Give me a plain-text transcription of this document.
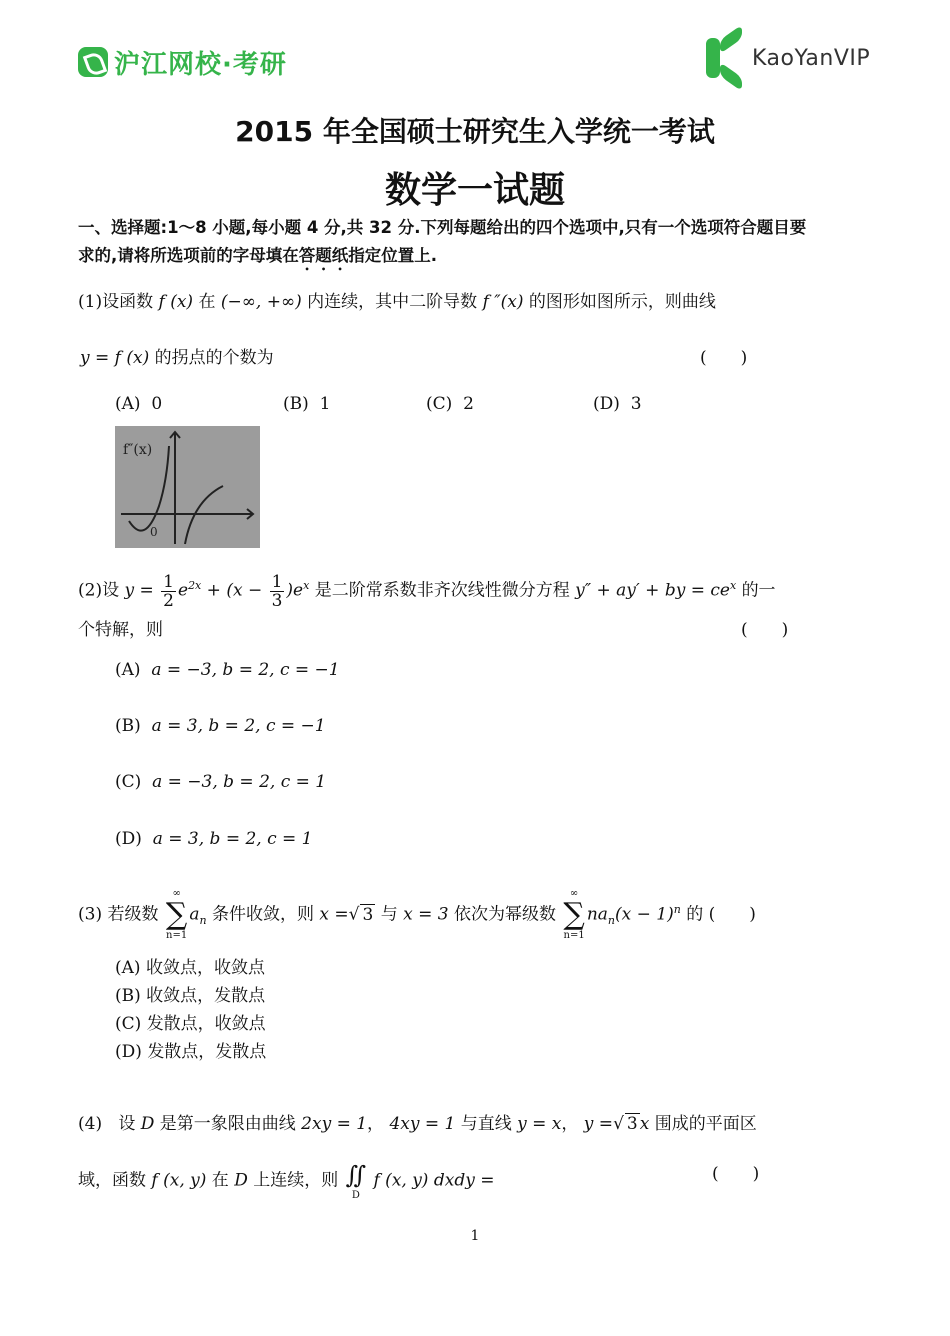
沪江网校·考研	KaoYanVIP
2015 年全国硕士研究生入学统一考试
数学一试题
一、选择题:1～8 小题,每小题 4 分,共 32 分.下列每题给出的四个选项中,只有一个选项符合题目要
求的,请将所选项前的字母填在答题纸指定位置上.
(1)设函数 f (x) 在 (−∞, +∞) 内连续，其中二阶导数 f ″(x) 的图形如图所示，则曲线
y = f (x) 的拐点的个数为	(　　)
(A) 0	(B) 1	(C) 2	(D) 3
f″(x)
0
(2)设 $y = \frac{1}{2} e^{2x} + (x - \frac{1}{3} )e^x$ 是二阶常系数非齐次线性微分方程 y″ + ay′ + by = $ce^x$ 的一
个特解，则	(　　)
(A) a = −3, b = 2, c = −1
(B) a = 3, b = 2, c = −1
(C) a = −3, b = 2, c = 1
(D) a = 3, b = 2, c = 1
(3) 若级数
∞
∑
n=1
$a_n$ 条件收敛，则 x =√ 3 与 x = 3 依次为幂级数
∞
∑
n=1
$na_n(x - 1)^n$ 的 (　　)
(A) 收敛点，收敛点
(B) 收敛点，发散点
(C) 发散点，收敛点
(D) 发散点，发散点
(4) 设 D 是第一象限由曲线 2xy = 1， 4xy = 1 与直线 y = x， y =√ 3 x 围成的平面区
域，函数 f (x, y) 在 D 上连续，则 ∬
D
f (x, y) dxdy =	(　　)
1
